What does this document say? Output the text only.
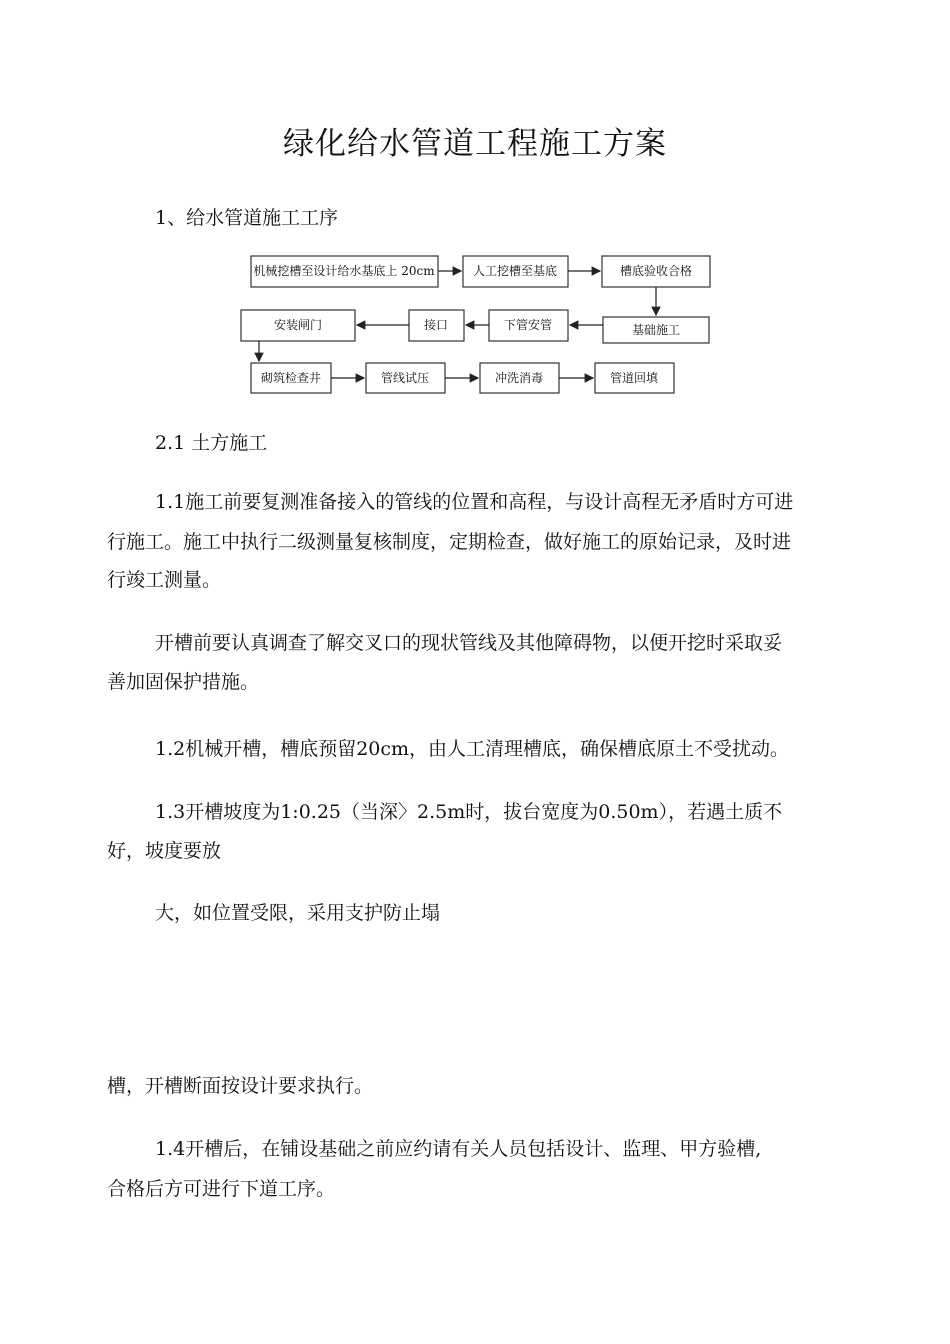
绿化给水管道工程施工方案
1、给水管道施工工序
机械挖槽至设计给水基底上 20cm	人工挖槽至基底	槽底验收合格
安装闸门	接口	下管安管	基础施工
砌筑检查井	管线试压	冲洗消毒	管道回填
2.1 土方施工
1.1施工前要复测准备接入的管线的位置和高程，与设计高程无矛盾时方可进
行施工。施工中执行二级测量复核制度，定期检查，做好施工的原始记录，及时进
行竣工测量。
开槽前要认真调查了解交叉口的现状管线及其他障碍物，以便开挖时采取妥
善加固保护措施。
1.2机械开槽，槽底预留20cm，由人工清理槽底，确保槽底原土不受扰动。
1.3开槽坡度为1:0.25（当深〉2.5m时，拔台宽度为0.50m），若遇土质不
好，坡度要放
大，如位置受限，采用支护防止塌
槽，开槽断面按设计要求执行。
1.4开槽后，在铺设基础之前应约请有关人员包括设计、监理、甲方验槽,
合格后方可进行下道工序。
